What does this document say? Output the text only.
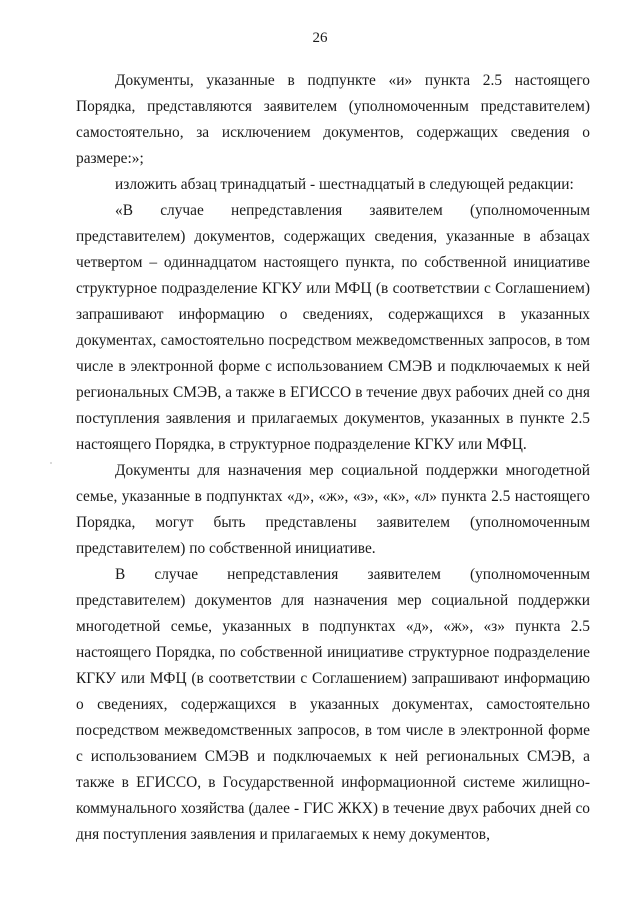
26

Документы, указанные в подпункте «и» пункта 2.5 настоящего Порядка, представляются заявителем (уполномоченным представителем) самостоятельно, за исключением документов, содержащих сведения о размере:»;

изложить абзац тринадцатый - шестнадцатый в следующей редакции:

«В случае непредставления заявителем (уполномоченным представителем) документов, содержащих сведения, указанные в абзацах четвертом – одиннадцатом настоящего пункта, по собственной инициативе структурное подразделение КГКУ или МФЦ (в соответствии с Соглашением) запрашивают информацию о сведениях, содержащихся в указанных документах, самостоятельно посредством межведомственных запросов, в том числе в электронной форме с использованием СМЭВ и подключаемых к ней региональных СМЭВ, а также в ЕГИССО в течение двух рабочих дней со дня поступления заявления и прилагаемых документов, указанных в пункте 2.5 настоящего Порядка, в структурное подразделение КГКУ или МФЦ.

Документы для назначения мер социальной поддержки многодетной семье, указанные в подпунктах «д», «ж», «з», «к», «л» пункта 2.5 настоящего Порядка, могут быть представлены заявителем (уполномоченным представителем) по собственной инициативе.

В случае непредставления заявителем (уполномоченным представителем) документов для назначения мер социальной поддержки многодетной семье, указанных в подпунктах «д», «ж», «з» пункта 2.5 настоящего Порядка, по собственной инициативе структурное подразделение КГКУ или МФЦ (в соответствии с Соглашением) запрашивают информацию о сведениях, содержащихся в указанных документах, самостоятельно посредством межведомственных запросов, в том числе в электронной форме с использованием СМЭВ и подключаемых к ней региональных СМЭВ, а также в ЕГИССО, в Государственной информационной системе жилищно-коммунального хозяйства (далее - ГИС ЖКХ) в течение двух рабочих дней со дня поступления заявления и прилагаемых к нему документов,
